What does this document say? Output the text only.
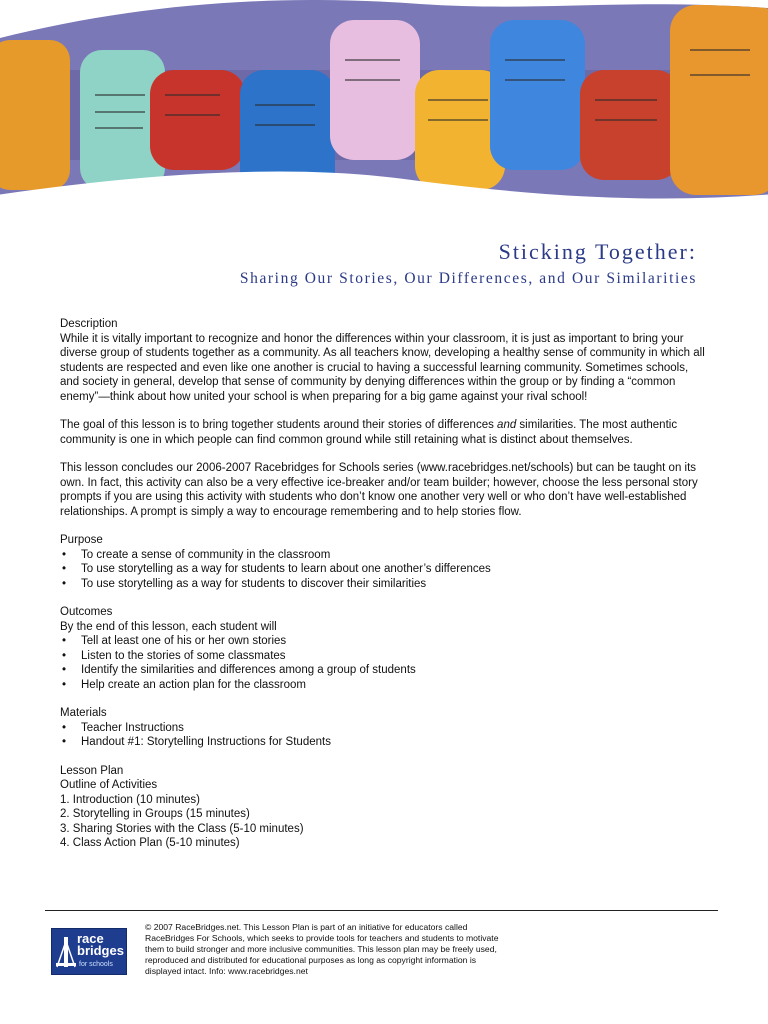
Sticking Together:
Sharing Our Stories, Our Differences, and Our Similarities
Description

While it is vitally important to recognize and honor the differences within your classroom, it is just as important to bring your diverse group of students together as a community. As all teachers know, developing a healthy sense of community in which all students are respected and even like one another is crucial to having a successful learning community. Sometimes schools, and society in general, develop that sense of community by denying differences within the group or by finding a “common enemy”—think about how united your school is when preparing for a big game against your rival school!

The goal of this lesson is to bring together students around their stories of differences and similarities. The most authentic community is one in which people can find common ground while still retaining what is distinct about themselves.

This lesson concludes our 2006-2007 Racebridges for Schools series (www.racebridges.net/schools) but can be taught on its own. In fact, this activity can also be a very effective ice-breaker and/or team builder; however, choose the less personal story prompts if you are using this activity with students who don’t know one another very well or who don’t have well-established relationships. A prompt is simply a way to encourage remembering and to help stories flow.

Purpose
• To create a sense of community in the classroom
• To use storytelling as a way for students to learn about one another’s differences
• To use storytelling as a way for students to discover their similarities
Outcomes

By the end of this lesson, each student will

• Tell at least one of his or her own stories
• Listen to the stories of some classmates
• Identify the similarities and differences among a group of students
• Help create an action plan for the classroom
Materials
• Teacher Instructions
• Handout #1: Storytelling Instructions for Students
Lesson Plan

Outline of Activities

1. Introduction (10 minutes)

2. Storytelling in Groups (15 minutes)

3. Sharing Stories with the Class (5-10 minutes)

4. Class Action Plan (5-10 minutes)

race
bridges
for schools
© 2007 RaceBridges.net. This Lesson Plan is part of an initiative for educators called
RaceBridges For Schools, which seeks to provide tools for teachers and students to motivate
them to build stronger and more inclusive communities. This lesson plan may be freely used,
reproduced and distributed for educational purposes as long as copyright information is
displayed intact. Info: www.racebridges.net
